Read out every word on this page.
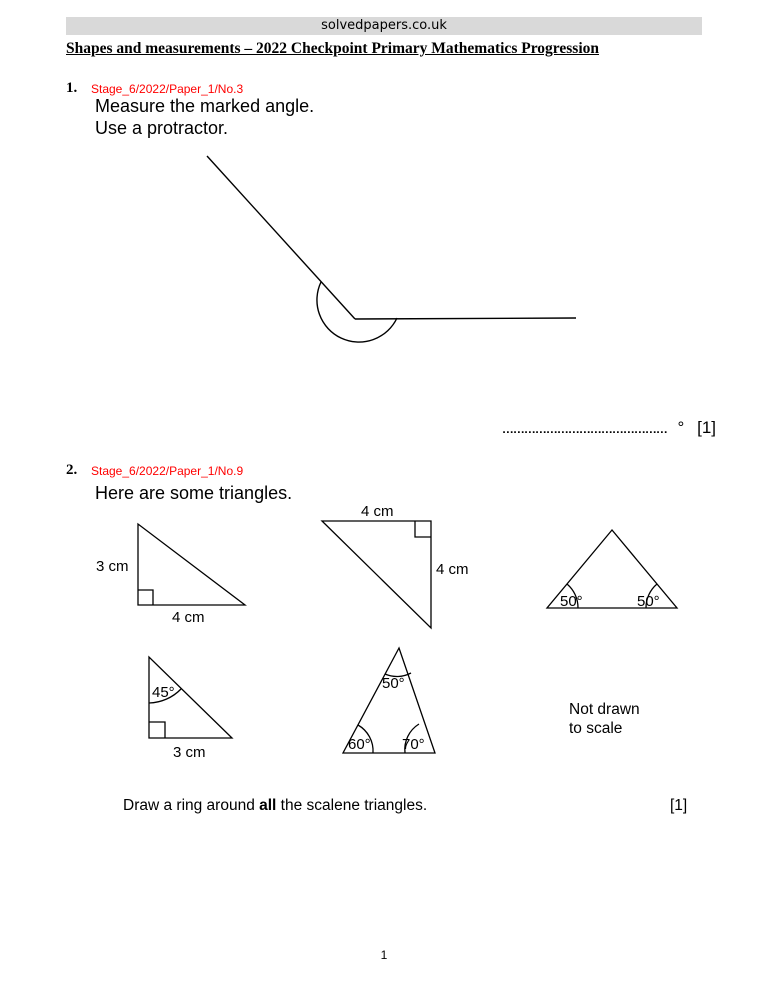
solvedpapers.co.uk
Shapes and measurements – 2022 Checkpoint Primary Mathematics Progression
1. Stage_6/2022/Paper_1/No.3
Measure the marked angle.
Use a protractor.
3 cm
4 cm
4 cm
4 cm
50°	50°
45°
3 cm
50°
60° 70°
……………………………………… ° [1]
2. Stage_6/2022/Paper_1/No.9
Here are some triangles.
Not drawn
to scale
Draw a ring around all the scalene triangles.	[1]
1
